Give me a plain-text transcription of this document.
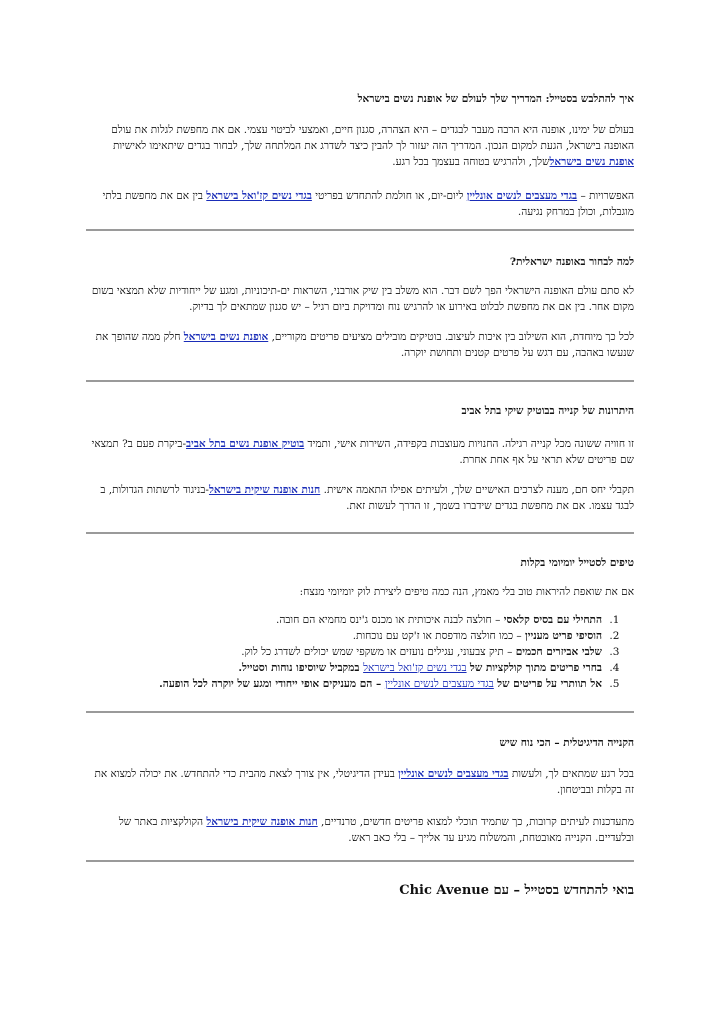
איך להתלבש בסטייל: המדריך שלך לעולם של אופנת נשים בישראל

בעולם של ימינו, אופנה היא הרבה מעבר לבגדים – היא הצהרה, סגנון חיים, ואמצעי לביטוי עצמי. אם את מחפשת לגלות את עולם האופנה בישראל, הגעת למקום הנכון. המדריך הזה יעזור לך להבין כיצד לשדרג את המלתחה שלך, לבחור בגדים שיתאימו לאישיות אופנת נשים בישראלשלך, ולהרגיש בטוחה בעצמך בכל רגע.

האפשרויות – בגדי מעצבים לנשים אונליין ליום-יום, או חולמת להתחדש בפריטי בגדי נשים קז'ואל בישראל בין אם את מחפשת בלתי מוגבלות, וכולן במרחק נגיעה.

למה לבחור באופנה ישראלית?

לא סתם עולם האופנה הישראלי הפך לשם דבר. הוא משלב בין שיק אורבני, השראות ים-תיכוניות, ומגע של ייחודיות שלא תמצאי בשום מקום אחר. בין אם את מחפשת לבלוט באירוע או להרגיש נוח ומדויקת ביום רגיל – יש סגנון שמתאים לך בדיוק.

לכל כך מיוחדת, הוא השילוב בין איכות לעיצוב. בוטיקים מובילים מציעים פריטים מקוריים, אופנת נשים בישראל חלק ממה שהופך את שנעשו באהבה, עם דגש על פרטים קטנים ותחושת יוקרה.

היתרונות של קנייה בבוטיק שיקי בתל אביב

זו חוויה ששונה מכל קנייה רגילה. החנויות מעוצבות בקפידה, השירות אישי, ותמיד בוטיק אופנת נשים בתל אביב-ביקרת פעם ב? תמצאי שם פריטים שלא תראי על אף אחת אחרת.

תקבלי יחס חם, מענה לצרכים האישיים שלך, ולעיתים אפילו התאמה אישית. חנות אופנה שיקית בישראל-בניגוד לרשתות הגדולות, ב לבגד עצמו. אם את מחפשת בגדים שידברו בשמך, זו הדרך לעשות זאת.

טיפים לסטייל יומיומי בקלות

אם את שואפת להיראות טוב בלי מאמץ, הנה כמה טיפים ליצירת לוק יומיומי מנצח:

1. התחילי עם בסיס קלאסי – חולצה לבנה איכותית או מכנס ג'ינס מחמיא הם חובה.
2. הוסיפי פריט מעניין – כמו חולצה מודפסת או ז'קט עם נוכחות.
3. שלבי אביזרים חכמים – תיק צבעוני, עגילים נועזים או משקפי שמש יכולים לשדרג כל לוק.
4. בחרי פריטים מתוך קולקציות של בגדי נשים קז'ואל בישראל במקביל שיוסיפו נוחות וסטייל.
5. אל תוותרי על פריטים של בגדי מעצבים לנשים אונליין – הם מעניקים אופי ייחודי ומגע של יוקרה לכל הופעה.

הקנייה הדיגיטלית – הכי נוח שיש

בכל רגע שמתאים לך, ולעשות בגדי מעצבים לנשים אונליין בעידן הדיגיטלי, אין צורך לצאת מהבית כדי להתחדש. את יכולה למצוא את זה בקלות ובביטחון.

מתעדכנות לעיתים קרובות, כך שתמיד תוכלי למצוא פריטים חדשים, טרנדיים, חנות אופנה שיקית בישראל הקולקציות באתר של ובלעדיים. הקנייה מאובטחת, והמשלוח מגיע עד אלייך – בלי כאב ראש.

בואי להתחדש בסטייל – עם Chic Avenue
